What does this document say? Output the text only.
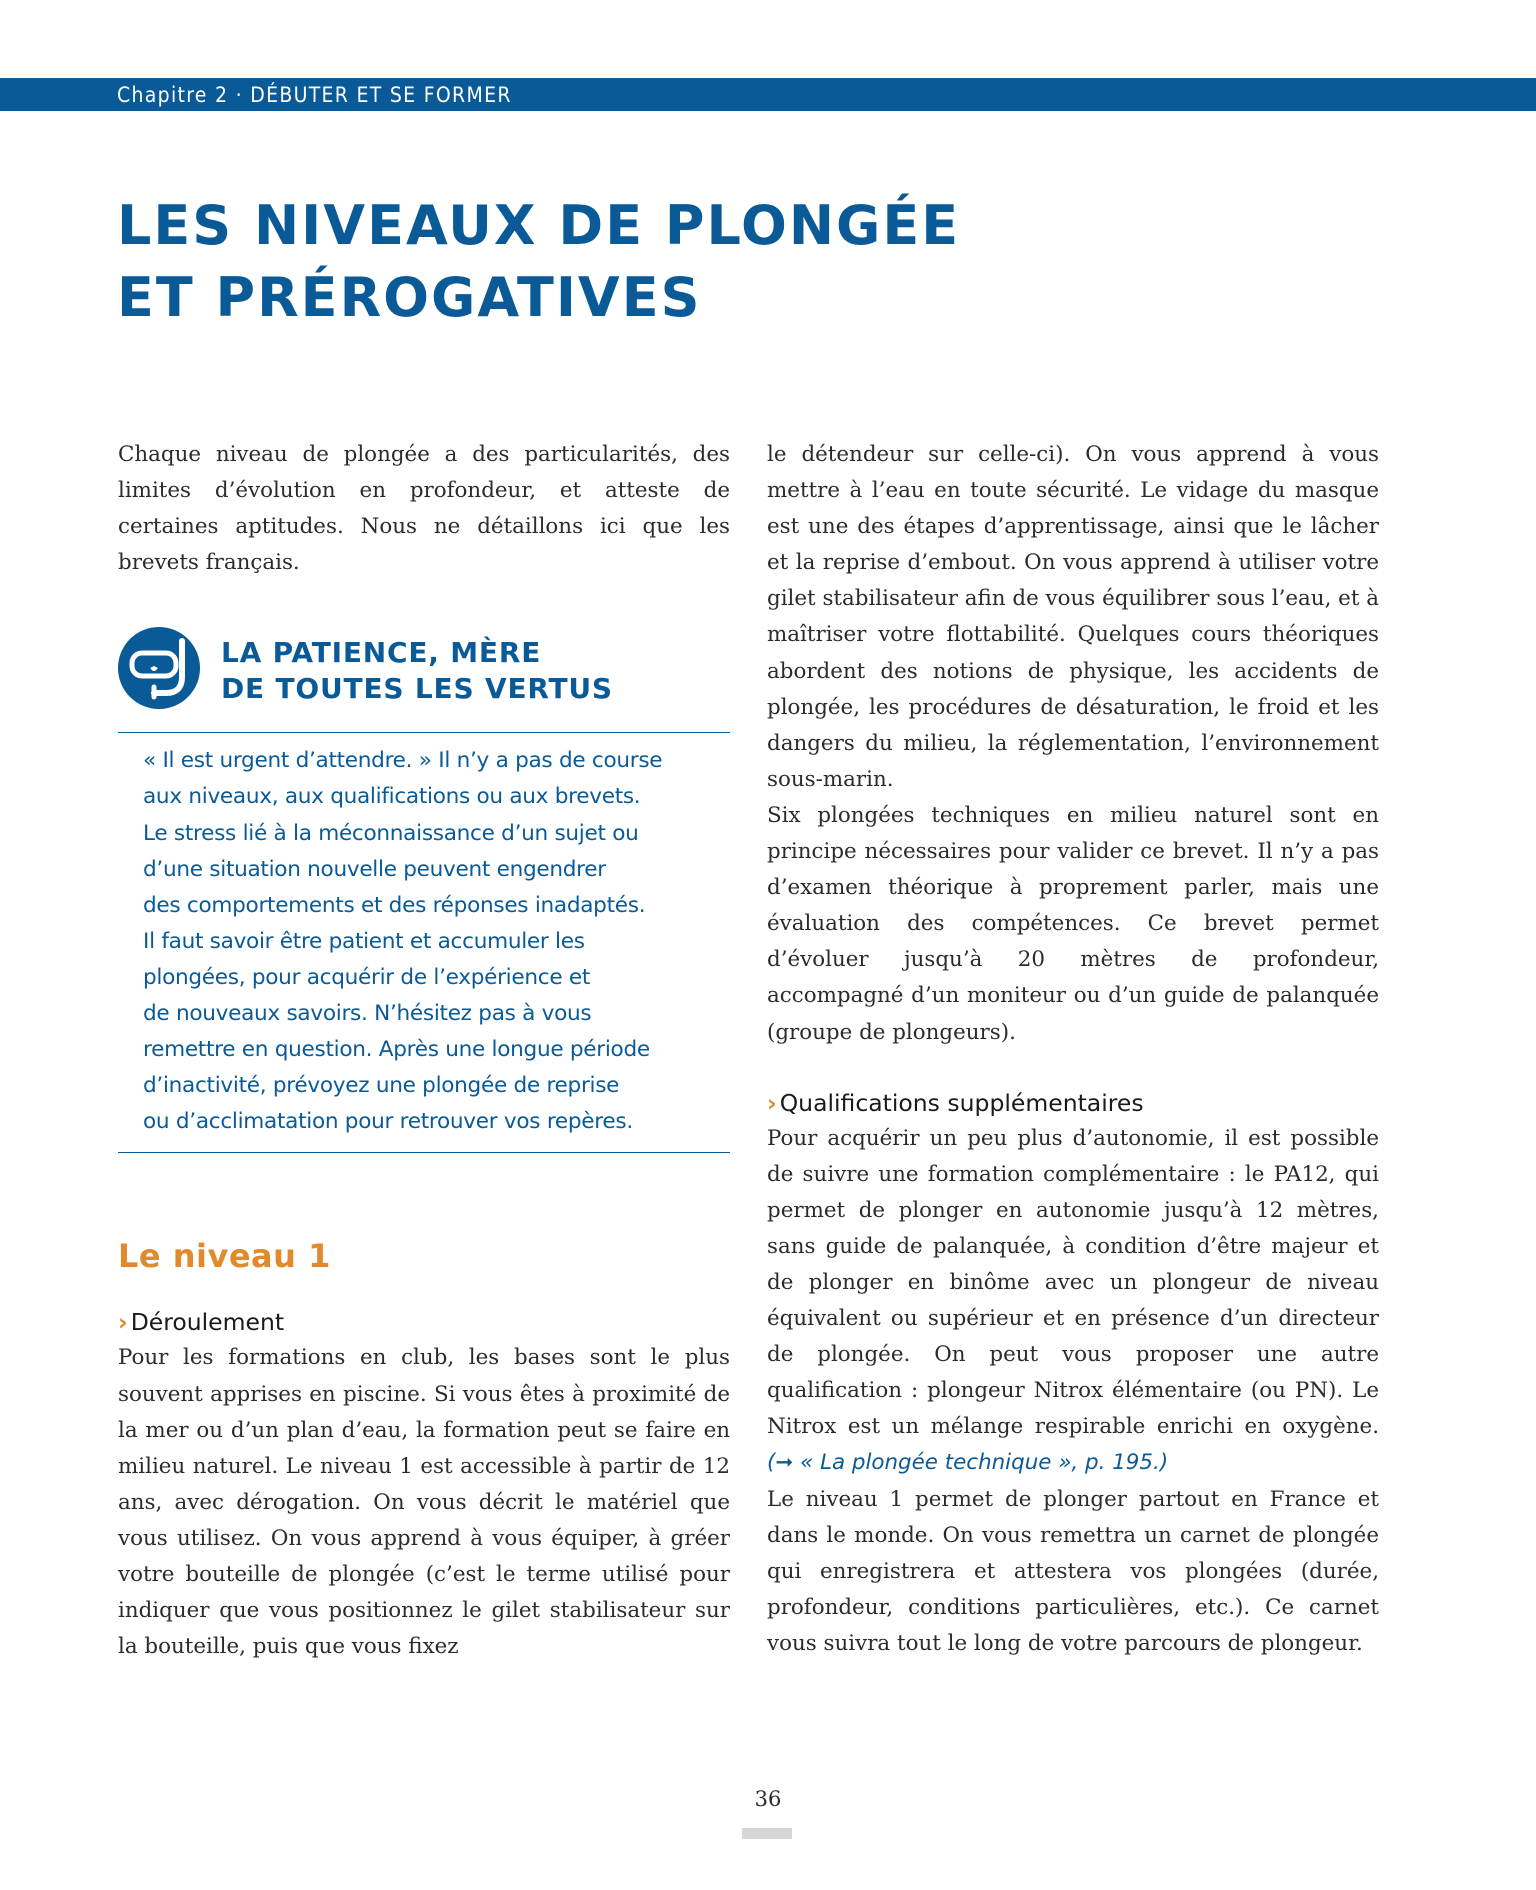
Chapitre 2 · DÉBUTER ET SE FORMER
LES NIVEAUX DE PLONGÉE
ET PRÉROGATIVES

Chaque niveau de plongée a des particularités, des limites d’évolution en profondeur, et atteste de certaines aptitudes. Nous ne détaillons ici que les brevets français.

LA PATIENCE, MÈRE
DE TOUTES LES VERTUS

« Il est urgent d’attendre. » Il n’y a pas de course
aux niveaux, aux qualifications ou aux brevets.
Le stress lié à la méconnaissance d’un sujet ou
d’une situation nouvelle peuvent engendrer
des comportements et des réponses inadaptés.
Il faut savoir être patient et accumuler les
plongées, pour acquérir de l’expérience et
de nouveaux savoirs. N’hésitez pas à vous
remettre en question. Après une longue période
d’inactivité, prévoyez une plongée de reprise
ou d’acclimatation pour retrouver vos repères.

Le niveau 1
› Déroulement

Pour les formations en club, les bases sont le plus souvent apprises en piscine. Si vous êtes à proximité de la mer ou d’un plan d’eau, la formation peut se faire en milieu naturel. Le niveau 1 est accessible à partir de 12 ans, avec dérogation. On vous décrit le matériel que vous utilisez. On vous apprend à vous équiper, à gréer votre bouteille de plongée (c’est le terme utilisé pour indiquer que vous positionnez le gilet stabilisateur sur la bouteille, puis que vous fixez

le détendeur sur celle-ci). On vous apprend à vous mettre à l’eau en toute sécurité. Le vidage du masque est une des étapes d’apprentissage, ainsi que le lâcher et la reprise d’embout. On vous apprend à utiliser votre gilet stabilisateur afin de vous équilibrer sous l’eau, et à maîtriser votre flottabilité. Quelques cours théoriques abordent des notions de physique, les accidents de plongée, les procédures de désaturation, le froid et les dangers du milieu, la réglementation, l’environnement sous-marin.

Six plongées techniques en milieu naturel sont en principe nécessaires pour valider ce brevet. Il n’y a pas d’examen théorique à proprement parler, mais une évaluation des compétences. Ce brevet permet d’évoluer jusqu’à 20 mètres de profondeur, accompagné d’un moniteur ou d’un guide de palanquée (groupe de plongeurs).

› Qualifications supplémentaires

Pour acquérir un peu plus d’autonomie, il est possible de suivre une formation complémentaire : le PA12, qui permet de plonger en autonomie jusqu’à 12 mètres, sans guide de palanquée, à condition d’être majeur et de plonger en binôme avec un plongeur de niveau équivalent ou supérieur et en présence d’un directeur de plongée. On peut vous proposer une autre qualification : plongeur Nitrox élémentaire (ou PN). Le Nitrox est un mélange respirable enrichi en oxygène. (➞ « La plongée technique », p. 195.)

Le niveau 1 permet de plonger partout en France et dans le monde. On vous remettra un carnet de plongée qui enregistrera et attestera vos plongées (durée, profondeur, conditions particulières, etc.). Ce carnet vous suivra tout le long de votre parcours de plongeur.

36
